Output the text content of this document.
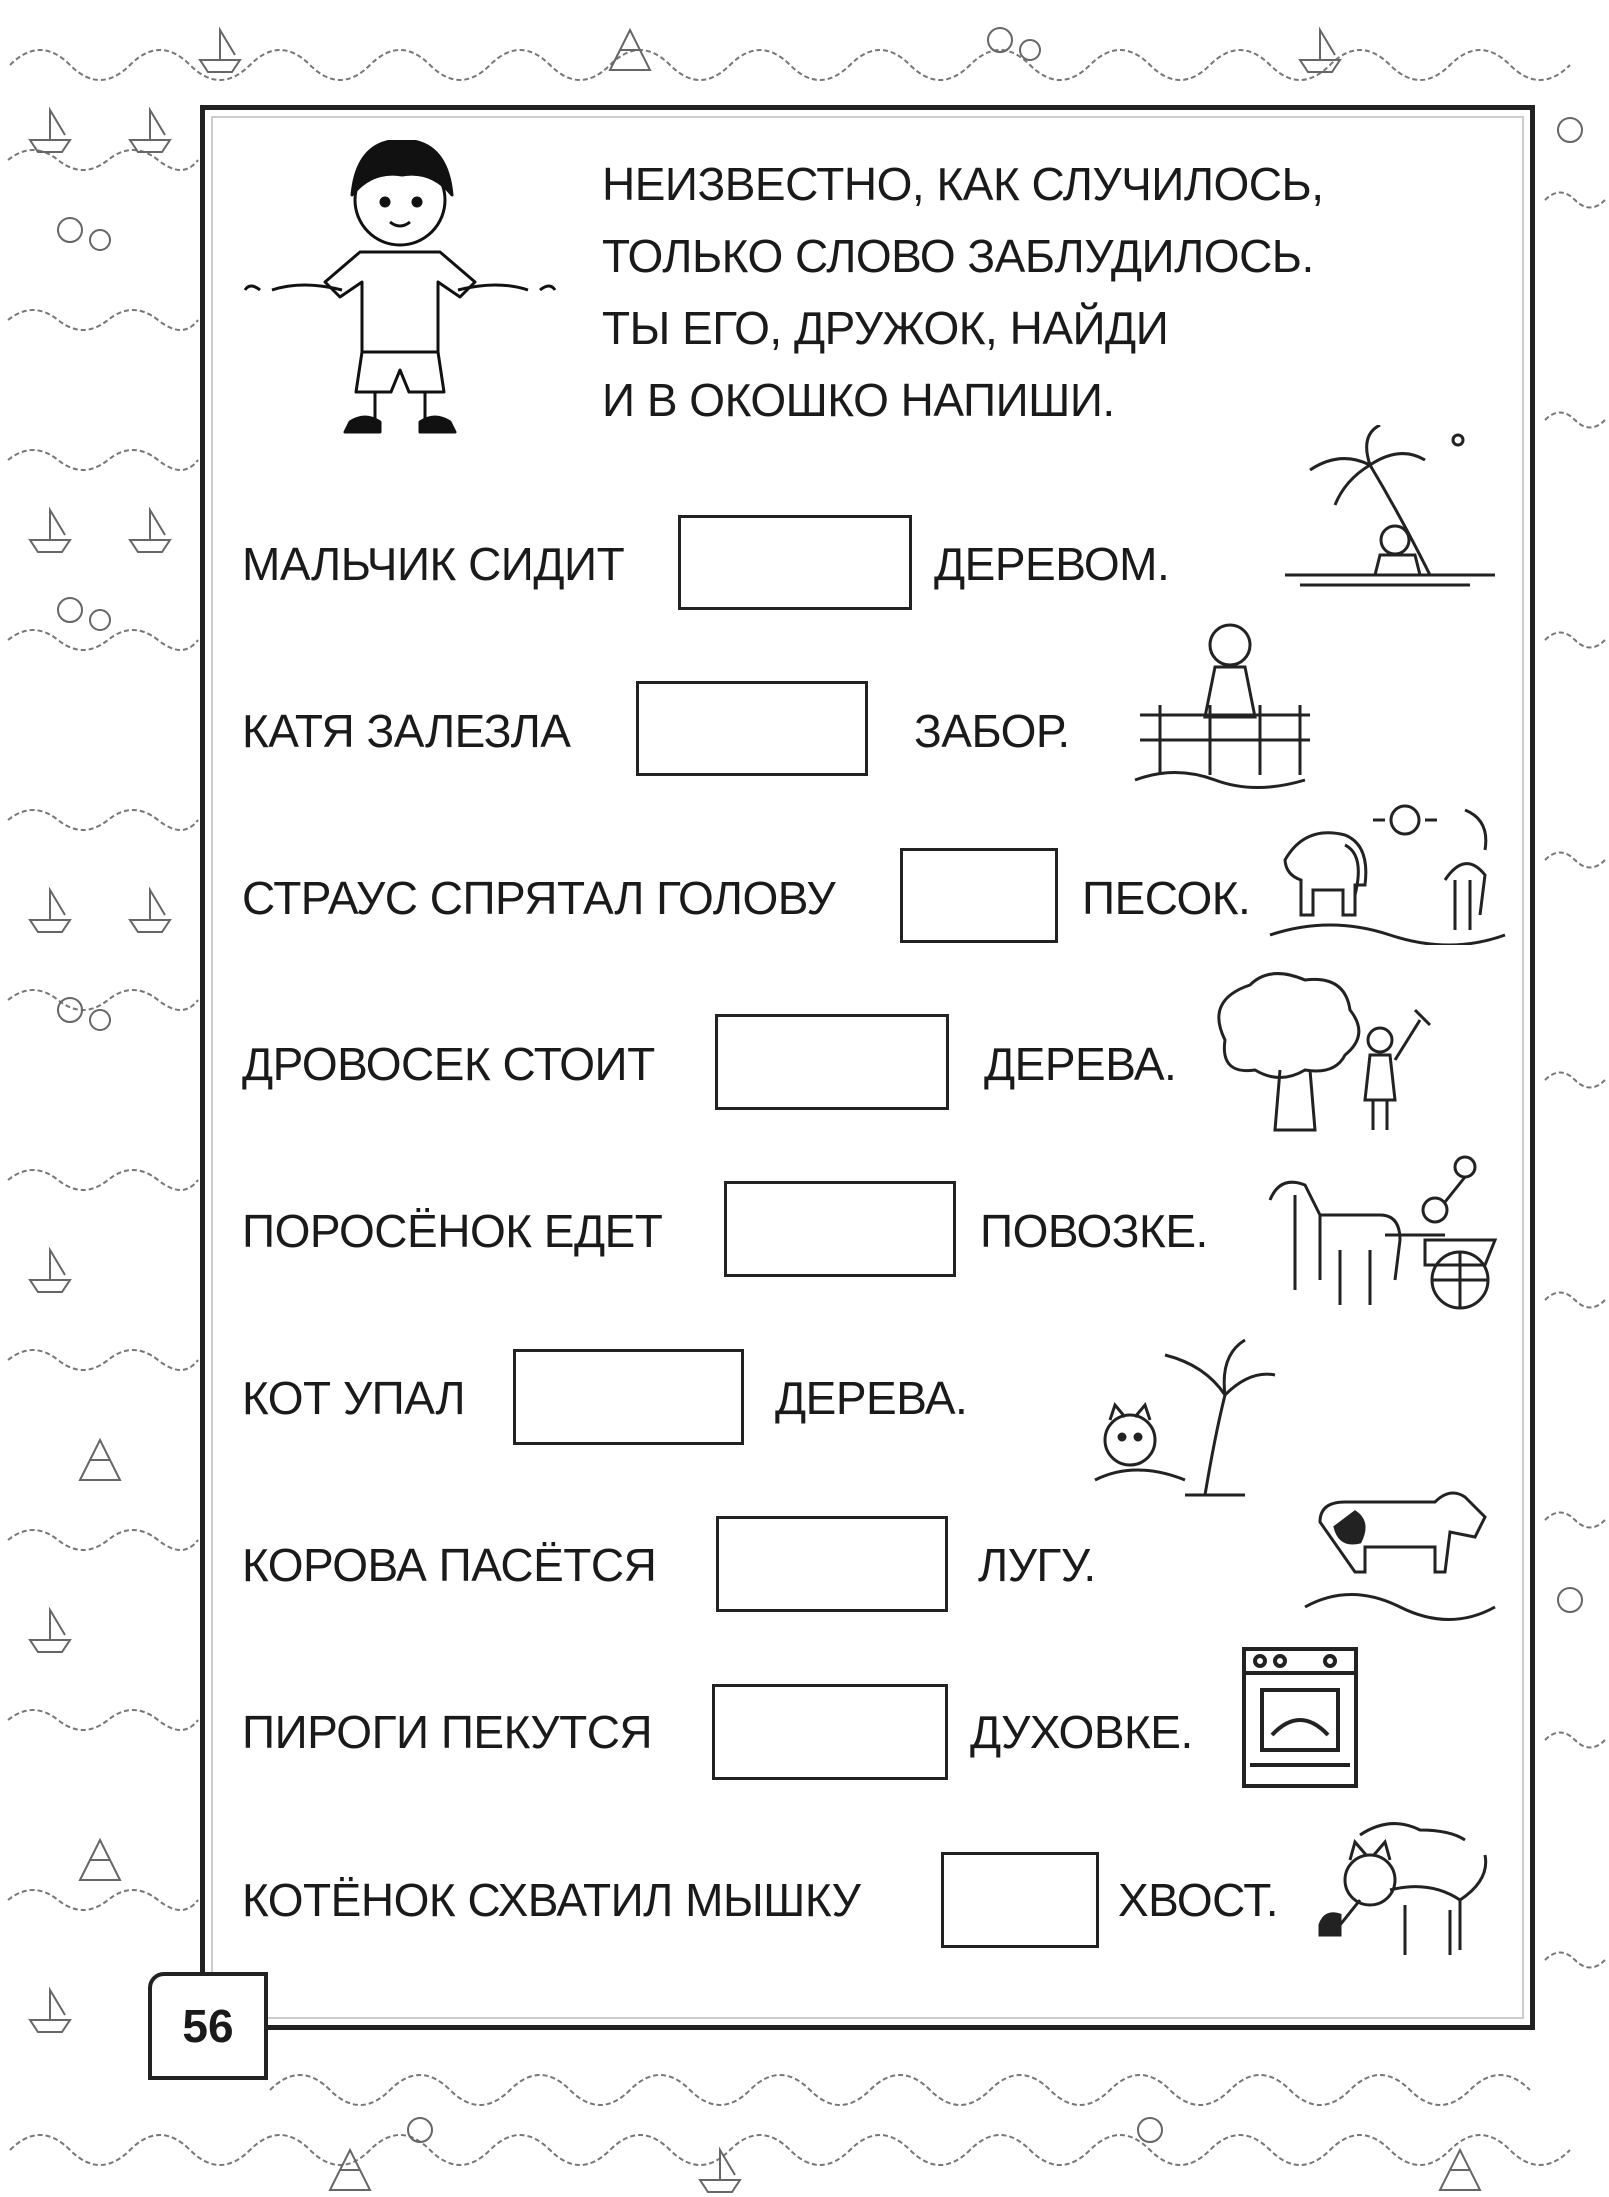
НЕИЗВЕСТНО, КАК СЛУЧИЛОСЬ,
ТОЛЬКО СЛОВО ЗАБЛУДИЛОСЬ.
ТЫ ЕГО, ДРУЖОК, НАЙДИ
И В ОКОШКО НАПИШИ.
МАЛЬЧИК СИДИТ	ДЕРЕВОМ.
КАТЯ ЗАЛЕЗЛА	ЗАБОР.
СТРАУС СПРЯТАЛ ГОЛОВУ	ПЕСОК.
ДРОВОСЕК СТОИТ	ДЕРЕВА.
ПОРОСЁНОК ЕДЕТ	ПОВОЗКЕ.
КОТ УПАЛ	ДЕРЕВА.
КОРОВА ПАСЁТСЯ	ЛУГУ.
ПИРОГИ ПЕКУТСЯ	ДУХОВКЕ.
КОТЁНОК СХВАТИЛ МЫШКУ	ХВОСТ.
56
